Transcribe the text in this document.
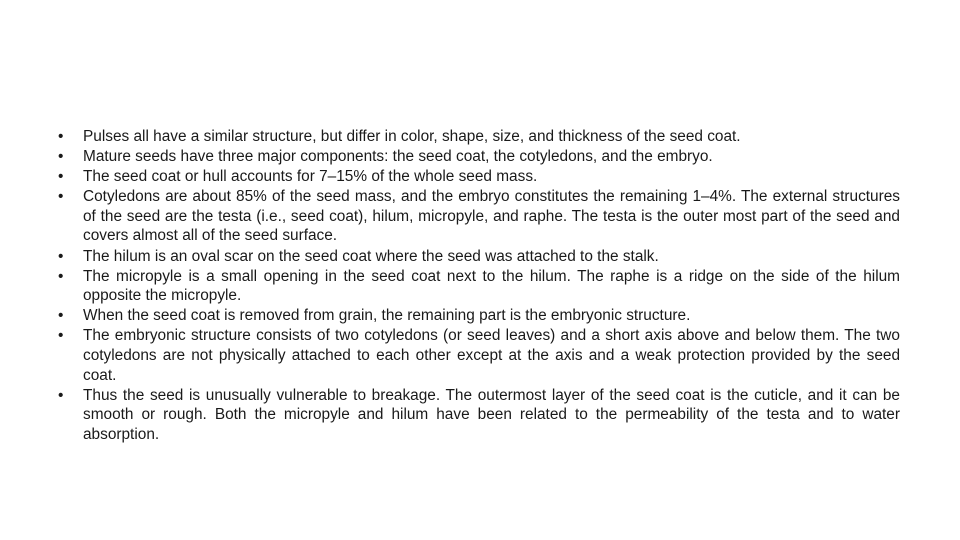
•	Pulses all have a similar structure, but differ in color, shape, size, and thickness of the seed coat.
•	Mature seeds have three major components: the seed coat, the cotyledons, and the embryo.
•	The seed coat or hull accounts for 7–15% of the whole seed mass.
•	Cotyledons are about 85% of the seed mass, and the embryo constitutes the remaining 1–4%. The external structures of the seed are the testa (i.e., seed coat), hilum, micropyle, and raphe. The testa is the outer most part of the seed and covers almost all of the seed surface.
•	The hilum is an oval scar on the seed coat where the seed was attached to the stalk.
•	The micropyle is a small opening in the seed coat next to the hilum. The raphe is a ridge on the side of the hilum opposite the micropyle.
•	When the seed coat is removed from grain, the remaining part is the embryonic structure.
•	The embryonic structure consists of two cotyledons (or seed leaves) and a short axis above and below them. The two cotyledons are not physically attached to each other except at the axis and a weak protection provided by the seed coat.
•	Thus the seed is unusually vulnerable to breakage. The outermost layer of the seed coat is the cuticle, and it can be smooth or rough. Both the micropyle and hilum have been related to the permeability of the testa and to water absorption.
